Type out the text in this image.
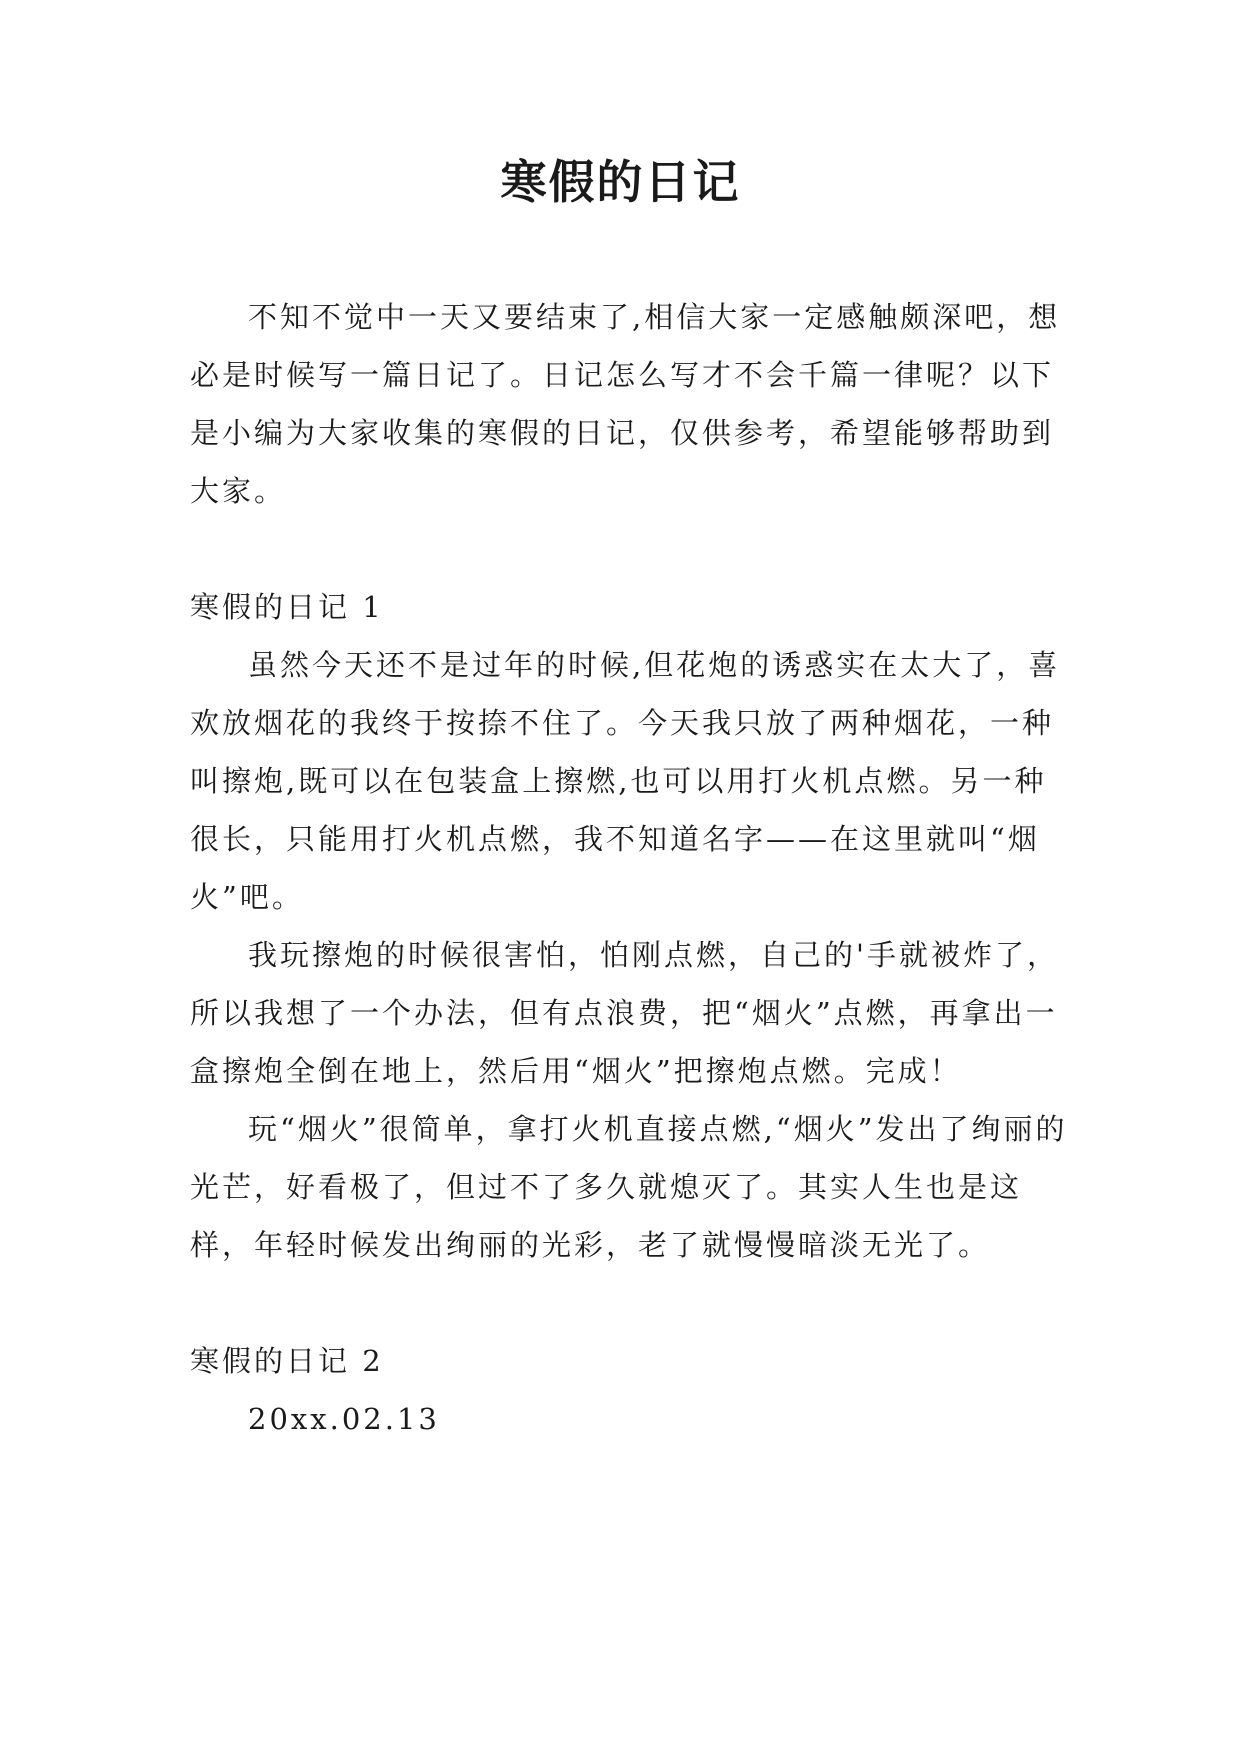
寒假的日记

不知不觉中一天又要结束了,相信大家一定感触颇深吧，想必是时候写一篇日记了。日记怎么写才不会千篇一律呢？以下是小编为大家收集的寒假的日记，仅供参考，希望能够帮助到大家。

寒假的日记 1

虽然今天还不是过年的时候,但花炮的诱惑实在太大了，喜欢放烟花的我终于按捺不住了。今天我只放了两种烟花，一种叫擦炮,既可以在包装盒上擦燃,也可以用打火机点燃。另一种很长，只能用打火机点燃，我不知道名字——在这里就叫“烟火”吧。

我玩擦炮的时候很害怕，怕刚点燃，自己的'手就被炸了，所以我想了一个办法，但有点浪费，把“烟火”点燃，再拿出一盒擦炮全倒在地上，然后用“烟火”把擦炮点燃。完成！

玩“烟火”很简单，拿打火机直接点燃,“烟火”发出了绚丽的光芒，好看极了，但过不了多久就熄灭了。其实人生也是这样，年轻时候发出绚丽的光彩，老了就慢慢暗淡无光了。

寒假的日记 2

20xx.02.13
